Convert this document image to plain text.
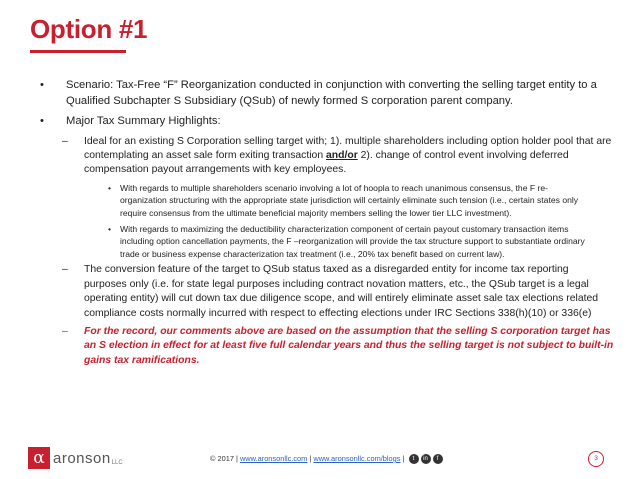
Option #1
• Scenario: Tax-Free “F” Reorganization conducted in conjunction with converting the selling target entity to a Qualified Subchapter S Subsidiary (QSub) of newly formed S corporation parent company.
• Major Tax Summary Highlights:
– Ideal for an existing S Corporation selling target with; 1). multiple shareholders including option holder pool that are contemplating an asset sale form exiting transaction and/or 2). change of control event involving deferred compensation payout arrangements with key employees.
• With regards to multiple shareholders scenario involving a lot of hoopla to reach unanimous consensus, the F re-organization structuring with the appropriate state jurisdiction will certainly eliminate such tension (i.e., certain states only require consensus from the ultimate beneficial majority members selling the lower tier LLC investment).
• With regards to maximizing the deductibility characterization component of certain payout customary transaction items including option cancellation payments, the F –reorganization will provide the tax structure support to substantiate ordinary trade or business expense characterization tax treatment (i.e., 20% tax benefit based on current law).
– The conversion feature of the target to QSub status taxed as a disregarded entity for income tax reporting purposes only (i.e. for state legal purposes including contract novation matters, etc., the QSub target is a legal operating entity) will cut down tax due diligence scope, and will entirely eliminate asset sale tax elections related compliance costs normally incurred with respect to effecting elections under IRC Sections 338(h)(10) or 336(e)
– For the record, our comments above are based on the assumption that the selling S corporation target has an S election in effect for at least five full calendar years and thus the selling target is not subject to built-in gains tax ramifications.
α aronson LLC	© 2017 | www.aronsonllc.com | www.aronsonllc.com/blogs |	t	in	f	3
